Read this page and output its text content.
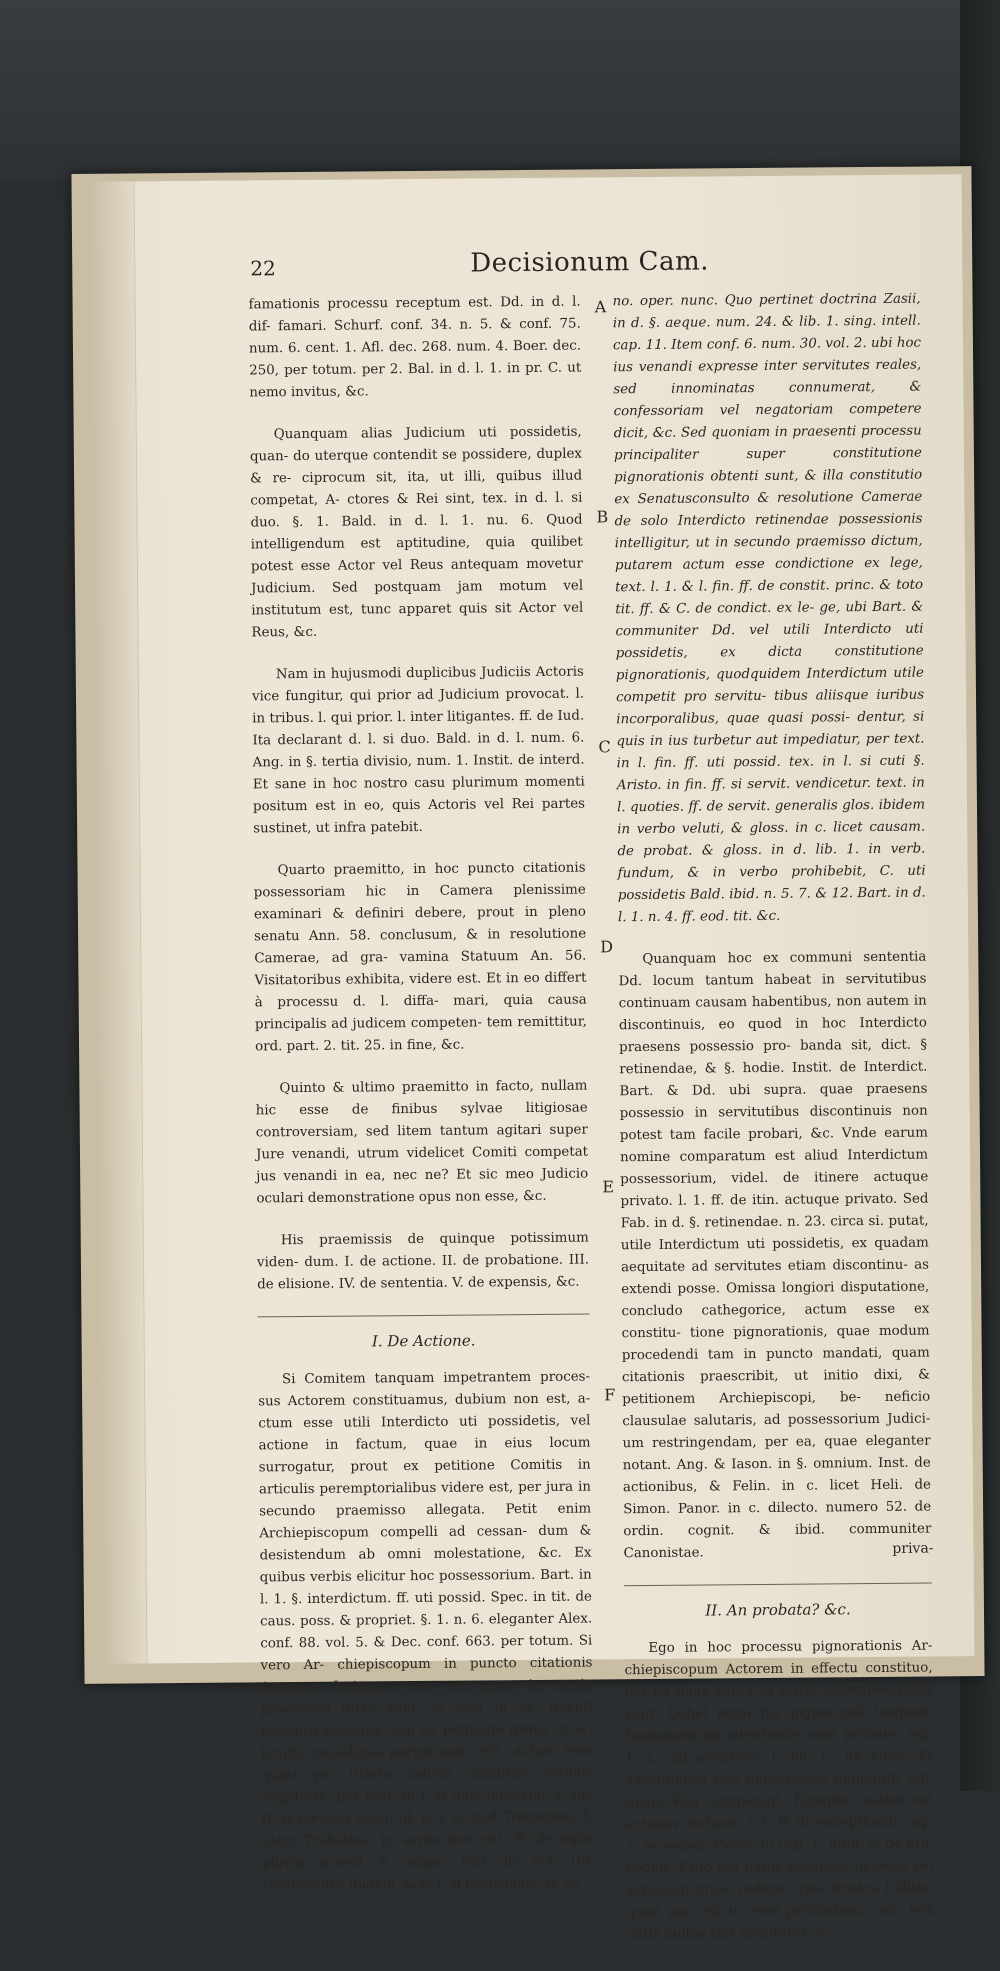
22	Decisionum Cam.

famationis processu receptum est. Dd. in d. l. dif- famari. Schurf. conf. 34. n. 5. & conf. 75. num. 6. cent. 1. Afl. dec. 268. num. 4. Boer. dec. 250, per totum. per 2. Bal. in d. l. 1. in pr. C. ut nemo invitus, &c.

Quanquam alias Judicium uti possidetis, quan- do uterque contendit se possidere, duplex & re- ciprocum sit, ita, ut illi, quibus illud competat, A- ctores & Rei sint, tex. in d. l. si duo. §. 1. Bald. in d. l. 1. nu. 6. Quod intelligendum est aptitudine, quia quilibet potest esse Actor vel Reus antequam movetur Judicium. Sed postquam jam motum vel institutum est, tunc apparet quis sit Actor vel Reus, &c.

Nam in hujusmodi duplicibus Judiciis Actoris vice fungitur, qui prior ad Judicium provocat. l. in tribus. l. qui prior. l. inter litigantes. ff. de Iud. Ita declarant d. l. si duo. Bald. in d. l. num. 6. Ang. in §. tertia divisio, num. 1. Instit. de interd. Et sane in hoc nostro casu plurimum momenti positum est in eo, quis Actoris vel Rei partes sustinet, ut infra patebit.

Quarto praemitto, in hoc puncto citationis possessoriam hic in Camera plenissime examinari & definiri debere, prout in pleno senatu Ann. 58. conclusum, & in resolutione Camerae, ad gra- vamina Statuum An. 56. Visitatoribus exhibita, videre est. Et in eo differt à processu d. l. diffa- mari, quia causa principalis ad judicem competen- tem remittitur, ord. part. 2. tit. 25. in fine, &c.

Quinto & ultimo praemitto in facto, nullam hic esse de finibus sylvae litigiosae controversiam, sed litem tantum agitari super Jure venandi, utrum videlicet Comiti competat jus venandi in ea, nec ne? Et sic meo Judicio oculari demonstratione opus non esse, &c.

His praemissis de quinque potissimum viden- dum. I. de actione. II. de probatione. III. de elisione. IV. de sententia. V. de expensis, &c.

I. De Actione.

Si Comitem tanquam impetrantem proces- sus Actorem constituamus, dubium non est, a- ctum esse utili Interdicto uti possidetis, vel actione in factum, quae in eius locum surrogatur, prout ex petitione Comitis in articulis peremptorialibus videre est, per jura in secundo praemisso allegata. Petit enim Archiepiscopum compelli ad cessan- dum & desistendum ab omni molestatione, &c. Ex quibus verbis elicitur hoc possessorium. Bart. in l. 1. §. interdictum. ff. uti possid. Spec. in tit. de caus. poss. & propriet. §. 1. n. 6. eleganter Alex. conf. 88. vol. 5. & Dec. conf. 663. per totum. Si vero Ar- chiepiscopum in puncto citationis Actorem faciamus, per ea, quae in tertio praemisso dicta sunt, & mox in se- quenti membro dicentur, jam ex petitione ipsius in ar- ticulis causalibus perspicuum erit, actum esse quasi pe- titorio judicio, nimirum actione negatoria, per text. in l. si quis diuturno. §. fin. ff. si servitus vend. gl. in l. a- pud Trebatium, §. idem Trebatius. in verbo non est. ff. de aqua pluvia arcend. §. aeque. Inst. de act. Dd. communiter ibidem, & in l. si priusquam. ff. de

no. oper. nunc. Quo pertinet doctrina Zasii, in d. §. aeque. num. 24. & lib. 1. sing. intell. cap. 11. Item conf. 6. num. 30. vol. 2. ubi hoc ius venandi expresse inter servitutes reales, sed innominatas connumerat, & confessoriam vel negatoriam competere dicit, &c. Sed quoniam in praesenti processu principaliter super constitutione pignorationis obtenti sunt, & illa constitutio ex Senatusconsulto & resolutione Camerae de solo Interdicto retinendae possessionis intelligitur, ut in secundo praemisso dictum, putarem actum esse condictione ex lege, text. l. 1. & l. fin. ff. de constit. princ. & toto tit. ff. & C. de condict. ex le- ge, ubi Bart. & communiter Dd. vel utili Interdicto uti possidetis, ex dicta constitutione pignorationis, quodquidem Interdictum utile competit pro servitu- tibus aliisque iuribus incorporalibus, quae quasi possi- dentur, si quis in ius turbetur aut impediatur, per text. in l. fin. ff. uti possid. tex. in l. si cuti §. Aristo. in fin. ff. si servit. vendicetur. text. in l. quoties. ff. de servit. generalis glos. ibidem in verbo veluti, & gloss. in c. licet causam. de probat. & gloss. in d. lib. 1. in verb. fundum, & in verbo prohibebit, C. uti possidetis Bald. ibid. n. 5. 7. & 12. Bart. in d. l. 1. n. 4. ff. eod. tit. &c.

Quanquam hoc ex communi sententia Dd. locum tantum habeat in servitutibus continuam causam habentibus, non autem in discontinuis, eo quod in hoc Interdicto praesens possessio pro- banda sit, dict. § retinendae, & §. hodie. Instit. de Interdict. Bart. & Dd. ubi supra. quae praesens possessio in servitutibus discontinuis non potest tam facile probari, &c. Vnde earum nomine comparatum est aliud Interdictum possessorium, videl. de itinere actuque privato. l. 1. ff. de itin. actuque privato. Sed Fab. in d. §. retinendae. n. 23. circa si. putat, utile Interdictum uti possidetis, ex quadam aequitate ad servitutes etiam discontinu- as extendi posse. Omissa longiori disputatione, concludo cathegorice, actum esse ex constitu- tione pignorationis, quae modum procedendi tam in puncto mandati, quam citationis praescribit, ut initio dixi, & petitionem Archiepiscopi, be- neficio clausulae salutaris, ad possessorium Judici- um restringendam, per ea, quae eleganter notant. Ang. & Iason. in §. omnium. Inst. de actionibus, & Felin. in c. licet Heli. de Simon. Panor. in c. dilecto. numero 52. de ordin. cognit. & ibid. communiter Canonistae.

II. An probata? &c.

Ego in hoc processu pignorationis Ar- chiepiscopum Actorem in effectu constituo, per ea quae supra in tertio praemisso dicta sunt. Debet enim Jus pignorandi tanquam fundamentum intentionis suae probare, leg. 1. l. qui accusare. l. fin. C. de eden. Et exceptiones sive defensiones pignorato tan- quam Reo competunt. Exceptio autem est actionis exclusio. l. 1. ff. de exceptionib. cap. 2. ex eodem Panor. in cap. 1. num. 5. de ord. cognit. Ergo ubi datur exceptio, necesse est actionem prae- cedere, quia frustra tollitur, quod non est in esse productum, cum non entis nullae sint qualitates, &

A
B
C
D
E
F
priva-
